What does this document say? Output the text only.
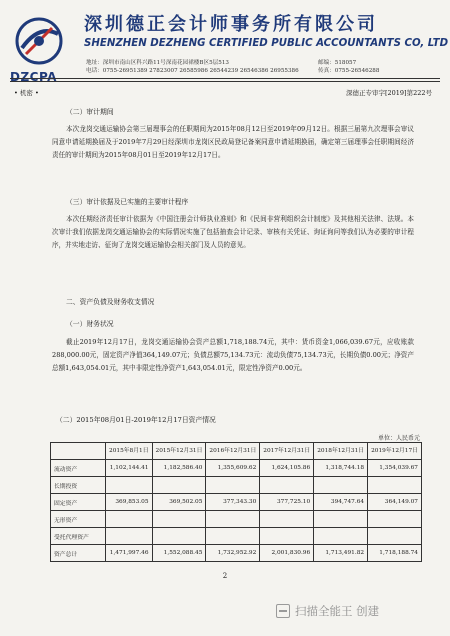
DZCPA
深圳德正会计师事务所有限公司
SHENZHEN DEZHENG CERTIFIED PUBLIC ACCOUNTANTS CO, LTD
地址：深圳市南山区科兴路11号深南花园裙楼B区5层513	邮编：518057
电话：0755-26951389 27823007 26585986 26544239 26546386 26955386	传真：0755-26546288
• 机密 •	深德正专审字[2019]第222号
（二）审计期间
本次龙岗交通运输协会第三届理事会的任职期间为2015年08月12日至2019年09月12日。根据三届第九次理事会审议同意申请延期换届及于2019年7月29日经深圳市龙岗区民政局登记备案同意申请延期换届，确定第三届理事会任职期间经济责任的审计期间为2015年08月01日至2019年12月17日。
（三）审计依据及已实施的主要审计程序
本次任期经济责任审计依据为《中国注册会计师执业准则》和《民间非营利组织会计制度》及其他相关法律、法规。本次审计我们依据龙岗交通运输协会的实际情况实施了包括抽查会计记录、审核有关凭证、询证询问等我们认为必要的审计程序，并实地走访、征询了龙岗交通运输协会相关部门及人员的意见。
二、资产负债及财务收支情况
（一）财务状况
截止2019年12月17日，龙岗交通运输协会资产总额1,718,188.74元，其中：货币资金1,066,039.67元，应收账款288,000.00元，固定资产净值364,149.07元；负债总额75,134.73元：流动负债75,134.73元，长期负债0.00元；净资产总额1,643,054.01元，其中非限定性净资产1,643,054.01元，限定性净资产0.00元。
（二）2015年08月01日-2019年12月17日资产情况
单位：人民币元
	2015年8月1日	2015年12月31日	2016年12月31日	2017年12月31日	2018年12月31日	2019年12月17日
流动资产	1,102,144.41	1,182,586.40	1,355,609.62	1,624,105.86	1,318,744.18	1,354,039.67
长期投资						
固定资产	369,853.05	369,502.05	377,343.30	377,725.10	394,747.64	364,149.07
无形资产						
受托代理资产						
资产总计	1,471,997.46	1,552,088.45	1,732,952.92	2,001,830.96	1,713,491.82	1,718,188.74
2
扫描全能王 创建
